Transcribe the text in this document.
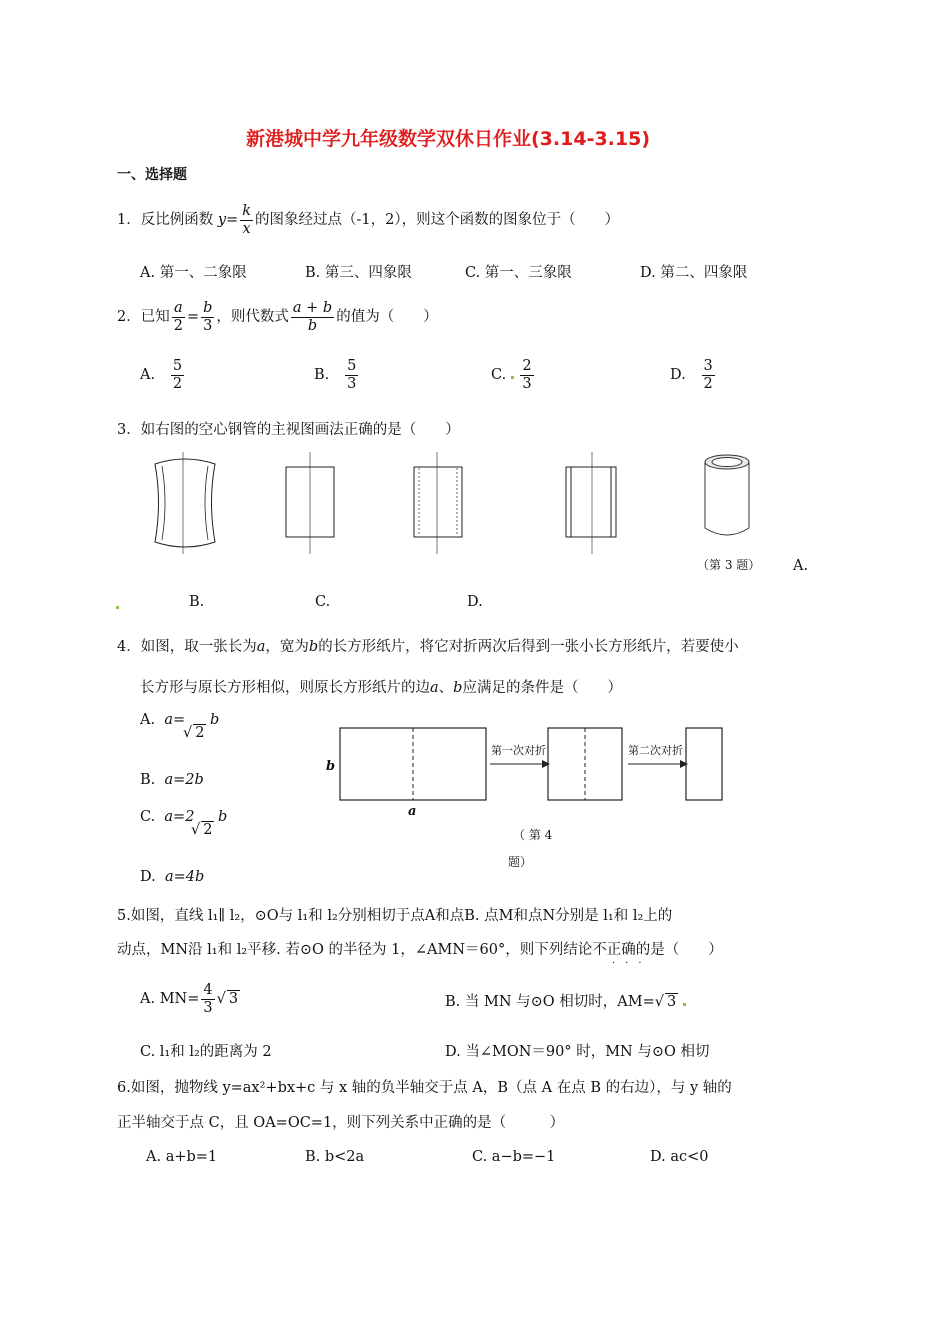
新港城中学九年级数学双休日作业(3.14-3.15)
一、选择题
1．反比例函数 $y= \frac{k}{x}$ 的图象经过点（-1，2），则这个函数的图象位于（　　）
A. 第一、二象限	B. 第三、四象限	C. 第一、三象限	D. 第二、四象限
2．已知 $\frac{a}{2} = \frac{b}{3}$ ，则代数式 $\frac{a + b}{b}$ 的值为（　　）
A. $\frac{5}{2}$	B. $\frac{5}{3}$	C. $\frac{2}{3}$	D. $\frac{3}{2}$
3．如右图的空心钢管的主视图画法正确的是（　　）
（第 3 题） A.
B.	C.	D.
4．如图，取一张长为a，宽为b的长方形纸片，将它对折两次后得到一张小长方形纸片，若要使小
长方形与原长方形相似，则原长方形纸片的边a、b应满足的条件是（　　）
A. a=
√ 2
b
B. a=2b
C. a=2
√ 2
b
D. a=4b
b
a
第一次对折	第二次对折
（ 第 4
题）
5.如图，直线 l₁∥ l₂，⊙O与 l₁和 l₂分别相切于点A和点B. 点M和点N分别是 l₁和 l₂上的
动点，MN沿 l₁和 l₂平移. 若⊙O 的半径为 1，∠AMN＝60°，则下列结论不正确的是（　　）
···
A. $MN= \frac{4}{3}$ √ 3	B. 当 MN 与⊙O 相切时，AM=√ 3
C. l₁和 l₂的距离为 2	D. 当∠MON＝90° 时，MN 与⊙O 相切
6.如图，抛物线 y=ax²+bx+c 与 x 轴的负半轴交于点 A，B（点 A 在点 B 的右边），与 y 轴的
正半轴交于点 C，且 OA=OC=1，则下列关系中正确的是（　　　）
A. a+b=1	B. b<2a	C. a−b=−1	D. ac<0
